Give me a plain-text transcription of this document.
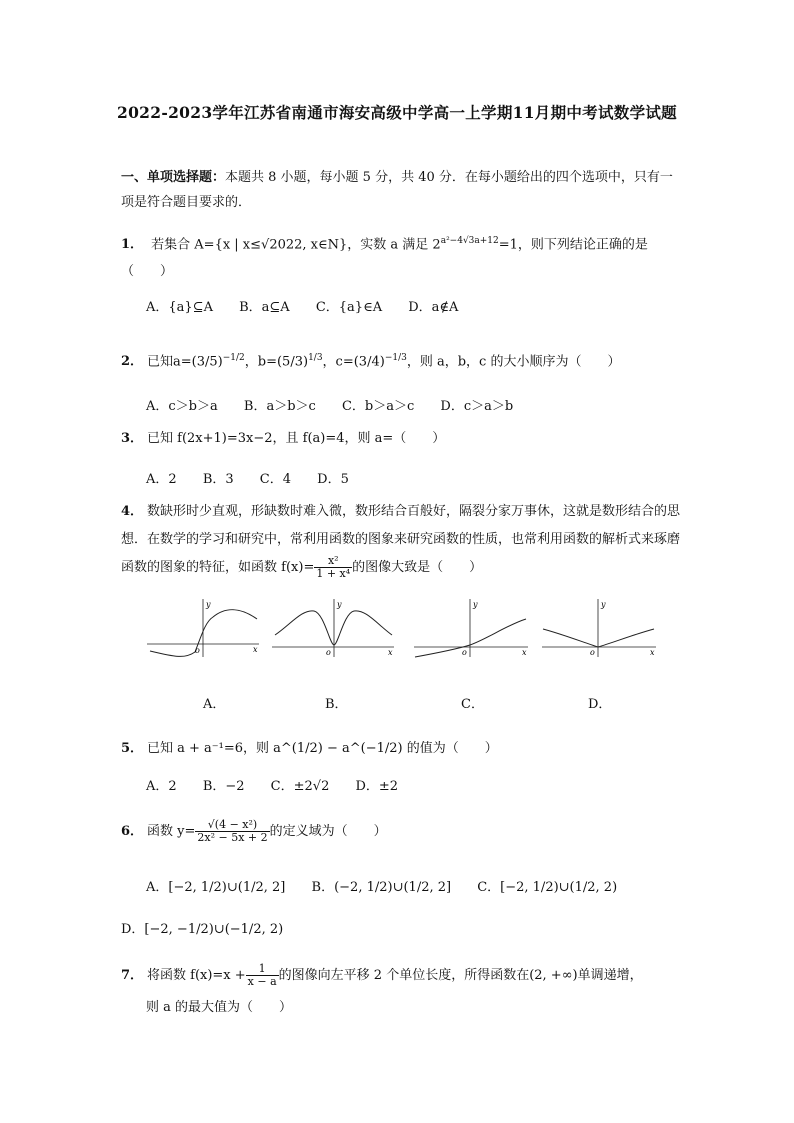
2022-2023学年江苏省南通市海安高级中学高一上学期11月期中考试数学试题
一、单项选择题：本题共 8 小题，每小题 5 分，共 40 分．在每小题给出的四个选项中，只有一项是符合题目要求的．
1． 若集合 A={x | x≤√2022, x∈N}，实数 a 满足 $2^{a^2-4√3a+12}=1$，则下列结论正确的是（　　）
A．{a}⊆A B．a⊆A C．{a}∈A D．a∉A
2． 已知$a=(3/5)^{-1/2}$，$b=(5/3)^{1/3}$，$c=(3/4)^{-1/3}$，则 a，b，c 的大小顺序为（　　）
A．c＞b＞a B．a＞b＞c C．b＞a＞c D．c＞a＞b
3． 已知 f(2x+1)=3x−2，且 f(a)=4，则 a=（　　）
A．2 B．3 C．4 D．5
4． 数缺形时少直观，形缺数时难入微，数形结合百般好，隔裂分家万事休，这就是数形结合的思想．在数学的学习和研究中，常利用函数的图象来研究函数的性质，也常利用函数的解析式来琢磨函数的图象的特征，如函数 $f(x)= \frac{\text{x²}}{\text{1 + x⁴}}$ 的图像大致是（　　）
y
x
o
y
x
o
y
x
o
y
x
o
A．	B．	C．	D．
5． 已知 a + a⁻¹=6，则 a^(1/2) − a^(−1/2) 的值为（　　）
A．2 B．−2 C．±2√2 D．±2
6． 函数 $y= \frac{\text{√(4 − x²)}}{\text{2x² − 5x + 2}}$ 的定义域为（　　）
A．[−2, 1/2)∪(1/2, 2] B．(−2, 1/2)∪(1/2, 2] C．[−2, 1/2)∪(1/2, 2)
D．[−2, −1/2)∪(−1/2, 2)
7． 将函数 $f(x)=x + \frac{1}{x - a}$ 的图像向左平移 2 个单位长度，所得函数在(2, +∞)单调递增，
则 a 的最大值为（　　）
